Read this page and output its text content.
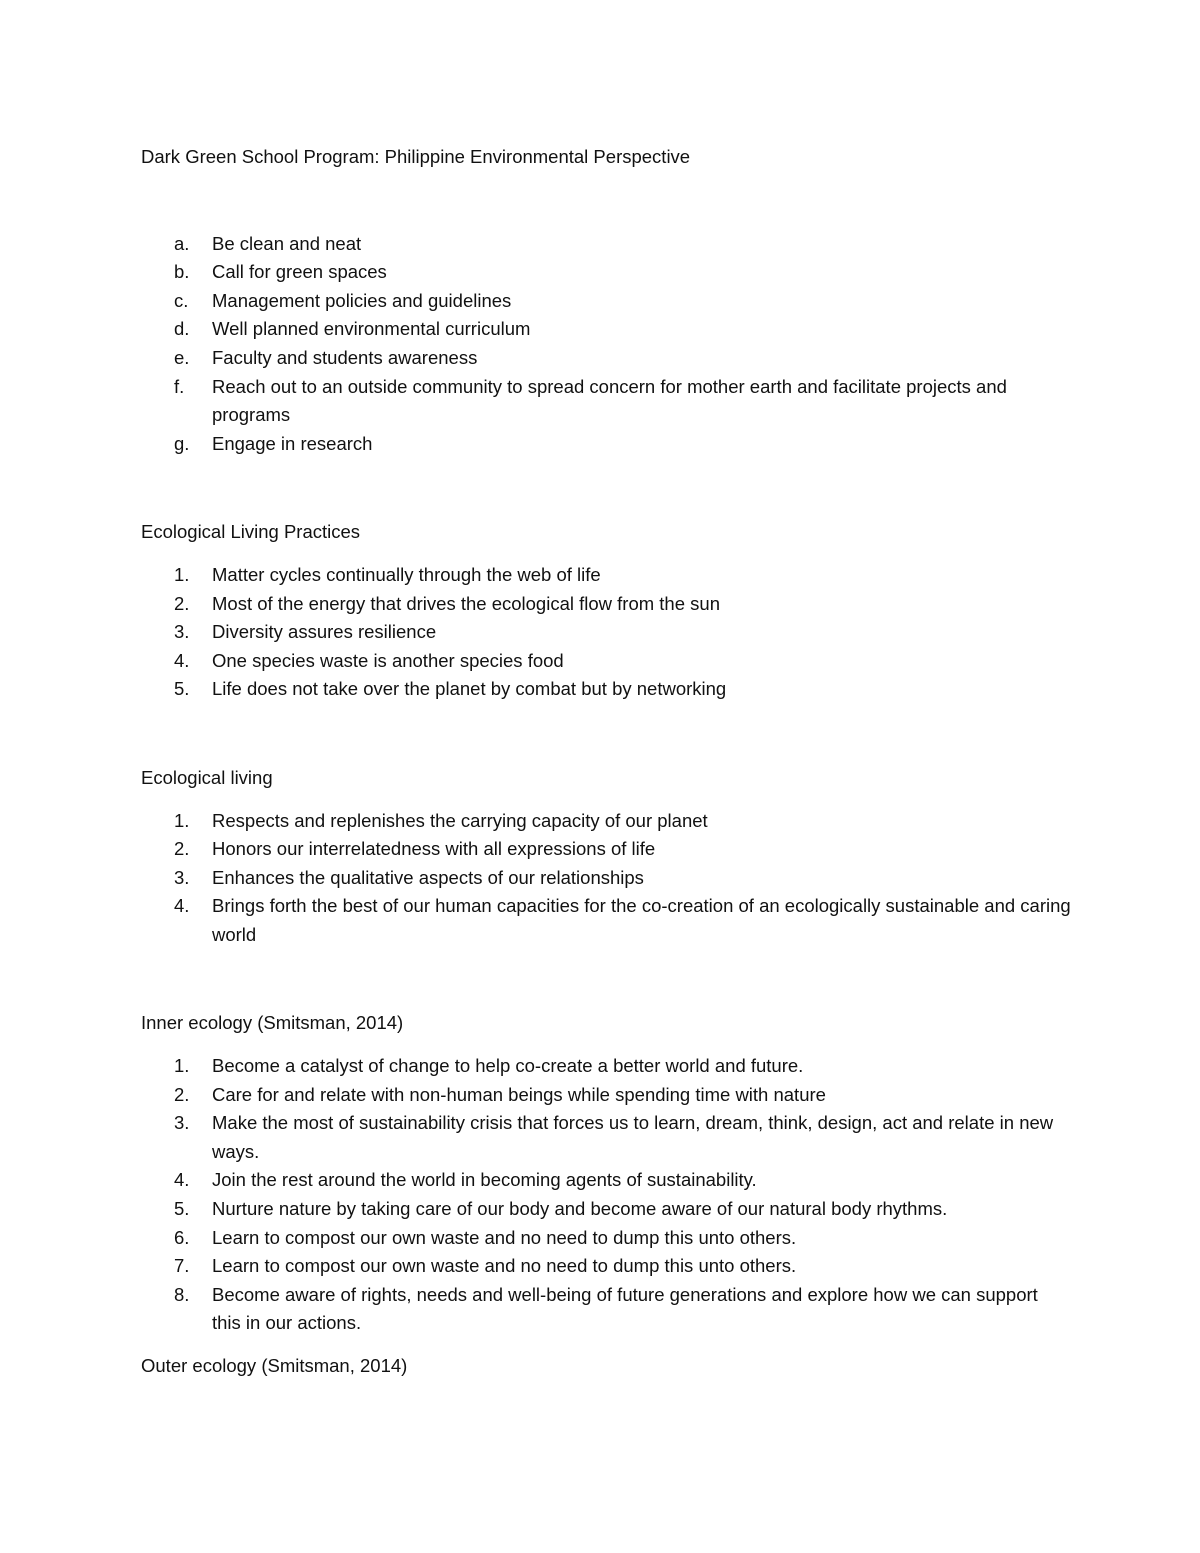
Dark Green School Program: Philippine Environmental Perspective

a. Be clean and neat
b. Call for green spaces
c. Management policies and guidelines
d. Well planned environmental curriculum
e. Faculty and students awareness
f. Reach out to an outside community to spread concern for mother earth and facilitate projects and programs
g. Engage in research

Ecological Living Practices

1. Matter cycles continually through the web of life
2. Most of the energy that drives the ecological flow from the sun
3. Diversity assures resilience
4. One species waste is another species food
5. Life does not take over the planet by combat but by networking

Ecological living

1. Respects and replenishes the carrying capacity of our planet
2. Honors our interrelatedness with all expressions of life
3. Enhances the qualitative aspects of our relationships
4. Brings forth the best of our human capacities for the co-creation of an ecologically sustainable and caring world

Inner ecology (Smitsman, 2014)

1. Become a catalyst of change to help co-create a better world and future.
2. Care for and relate with non-human beings while spending time with nature
3. Make the most of sustainability crisis that forces us to learn, dream, think, design, act and relate in new ways.
4. Join the rest around the world in becoming agents of sustainability.
5. Nurture nature by taking care of our body and become aware of our natural body rhythms.
6. Learn to compost our own waste and no need to dump this unto others.
7. Learn to compost our own waste and no need to dump this unto others.
8. Become aware of rights, needs and well-being of future generations and explore how we can support this in our actions.

Outer ecology (Smitsman, 2014)
